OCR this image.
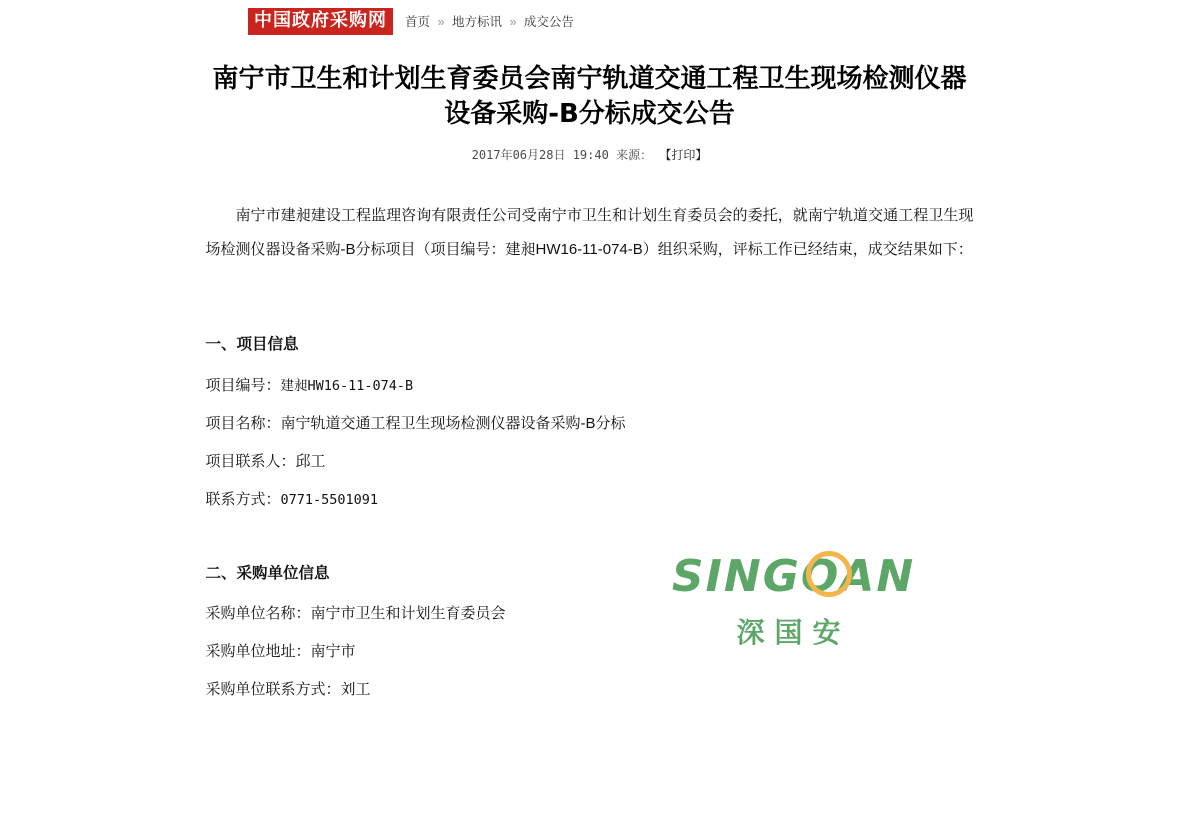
中国政府采购网	首页 » 地方标讯 » 成交公告
南宁市卫生和计划生育委员会南宁轨道交通工程卫生现场检测仪器设备采购-B分标成交公告
2017年06月28日 19:40 来源： 【打印】

南宁市建昶建设工程监理咨询有限责任公司受南宁市卫生和计划生育委员会的委托，就南宁轨道交通工程卫生现场检测仪器设备采购-B分标项目（项目编号：建昶HW16-11-074-B）组织采购，评标工作已经结束，成交结果如下：

一、项目信息
项目编号：建昶HW16-11-074-B
项目名称：南宁轨道交通工程卫生现场检测仪器设备采购-B分标
项目联系人：邱工
联系方式：0771-5501091
二、采购单位信息
采购单位名称：南宁市卫生和计划生育委员会
采购单位地址：南宁市
采购单位联系方式：刘工
SINGOAN
深国安
